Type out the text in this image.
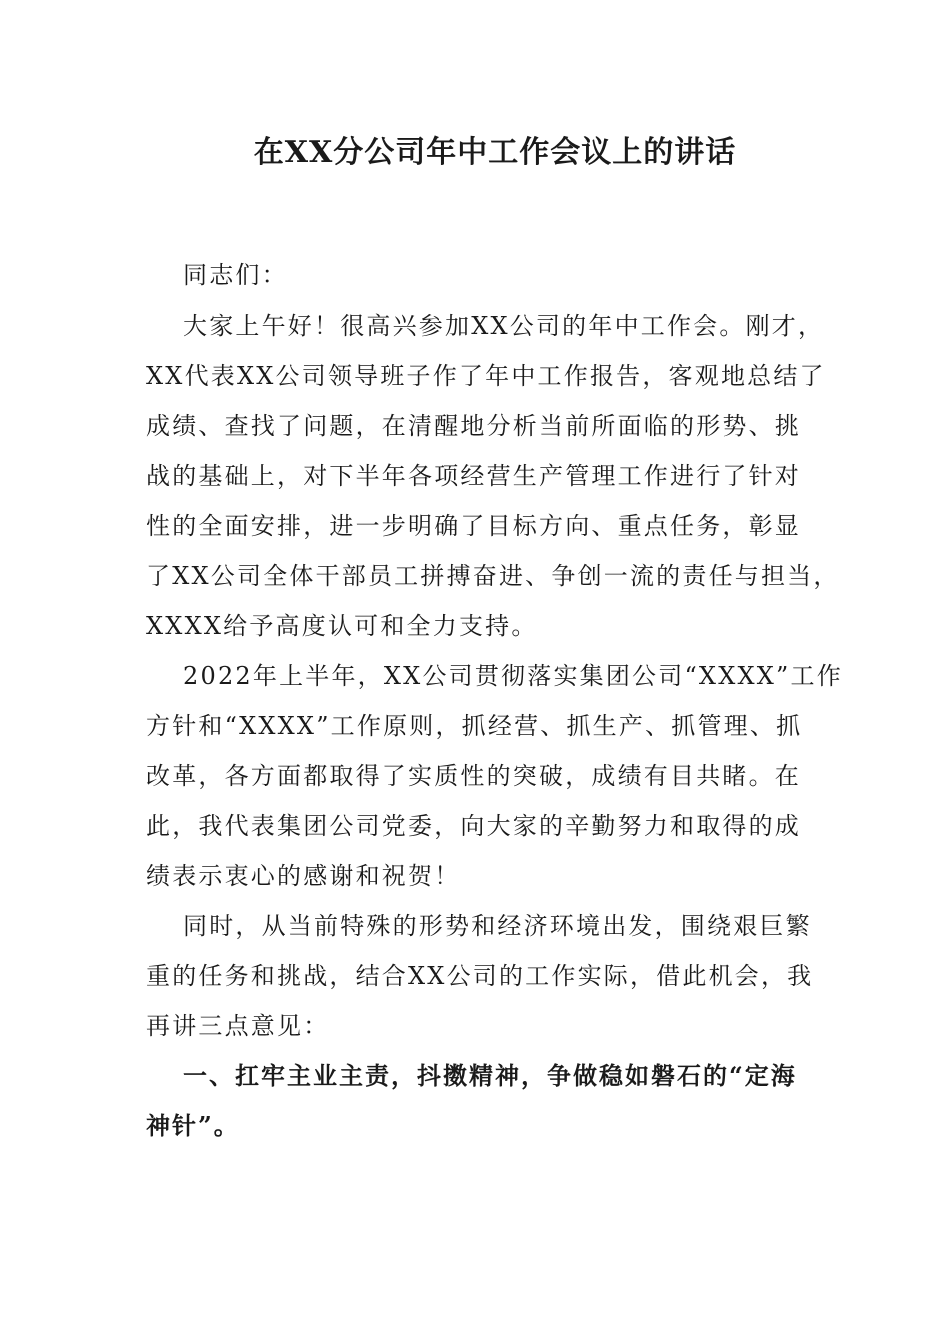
在XX分公司年中工作会议上的讲话
同志们：
大家上午好！很高兴参加XX公司的年中工作会。刚才，
XX代表XX公司领导班子作了年中工作报告，客观地总结了
成绩、查找了问题，在清醒地分析当前所面临的形势、挑
战的基础上，对下半年各项经营生产管理工作进行了针对
性的全面安排，进一步明确了目标方向、重点任务，彰显
了XX公司全体干部员工拼搏奋进、争创一流的责任与担当，
XXXX给予高度认可和全力支持。
2022年上半年，XX公司贯彻落实集团公司“XXXX”工作
方针和“XXXX”工作原则，抓经营、抓生产、抓管理、抓
改革，各方面都取得了实质性的突破，成绩有目共睹。在
此，我代表集团公司党委，向大家的辛勤努力和取得的成
绩表示衷心的感谢和祝贺！
同时，从当前特殊的形势和经济环境出发，围绕艰巨繁
重的任务和挑战，结合XX公司的工作实际，借此机会，我
再讲三点意见：
一、扛牢主业主责，抖擞精神，争做稳如磐石的“定海
神针”。
